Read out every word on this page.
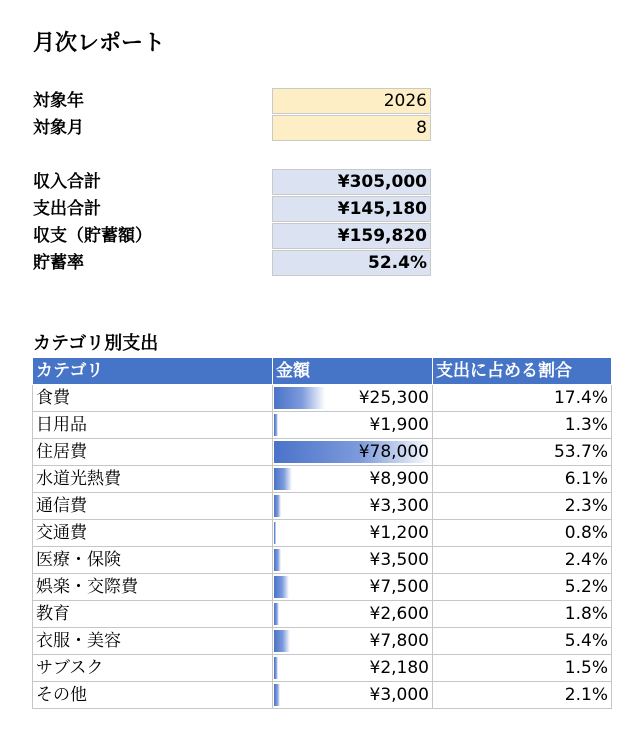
月次レポート
対象年	2026
対象月	8
収入合計	¥305,000
支出合計	¥145,180
収支（貯蓄額）	¥159,820
貯蓄率	52.4%
カテゴリ別支出
カテゴリ	金額	支出に占める割合
食費	¥25,300	17.4%
日用品	¥1,900	1.3%
住居費	¥78,000	53.7%
水道光熱費	¥8,900	6.1%
通信費	¥3,300	2.3%
交通費	¥1,200	0.8%
医療・保険	¥3,500	2.4%
娯楽・交際費	¥7,500	5.2%
教育	¥2,600	1.8%
衣服・美容	¥7,800	5.4%
サブスク	¥2,180	1.5%
その他	¥3,000	2.1%
